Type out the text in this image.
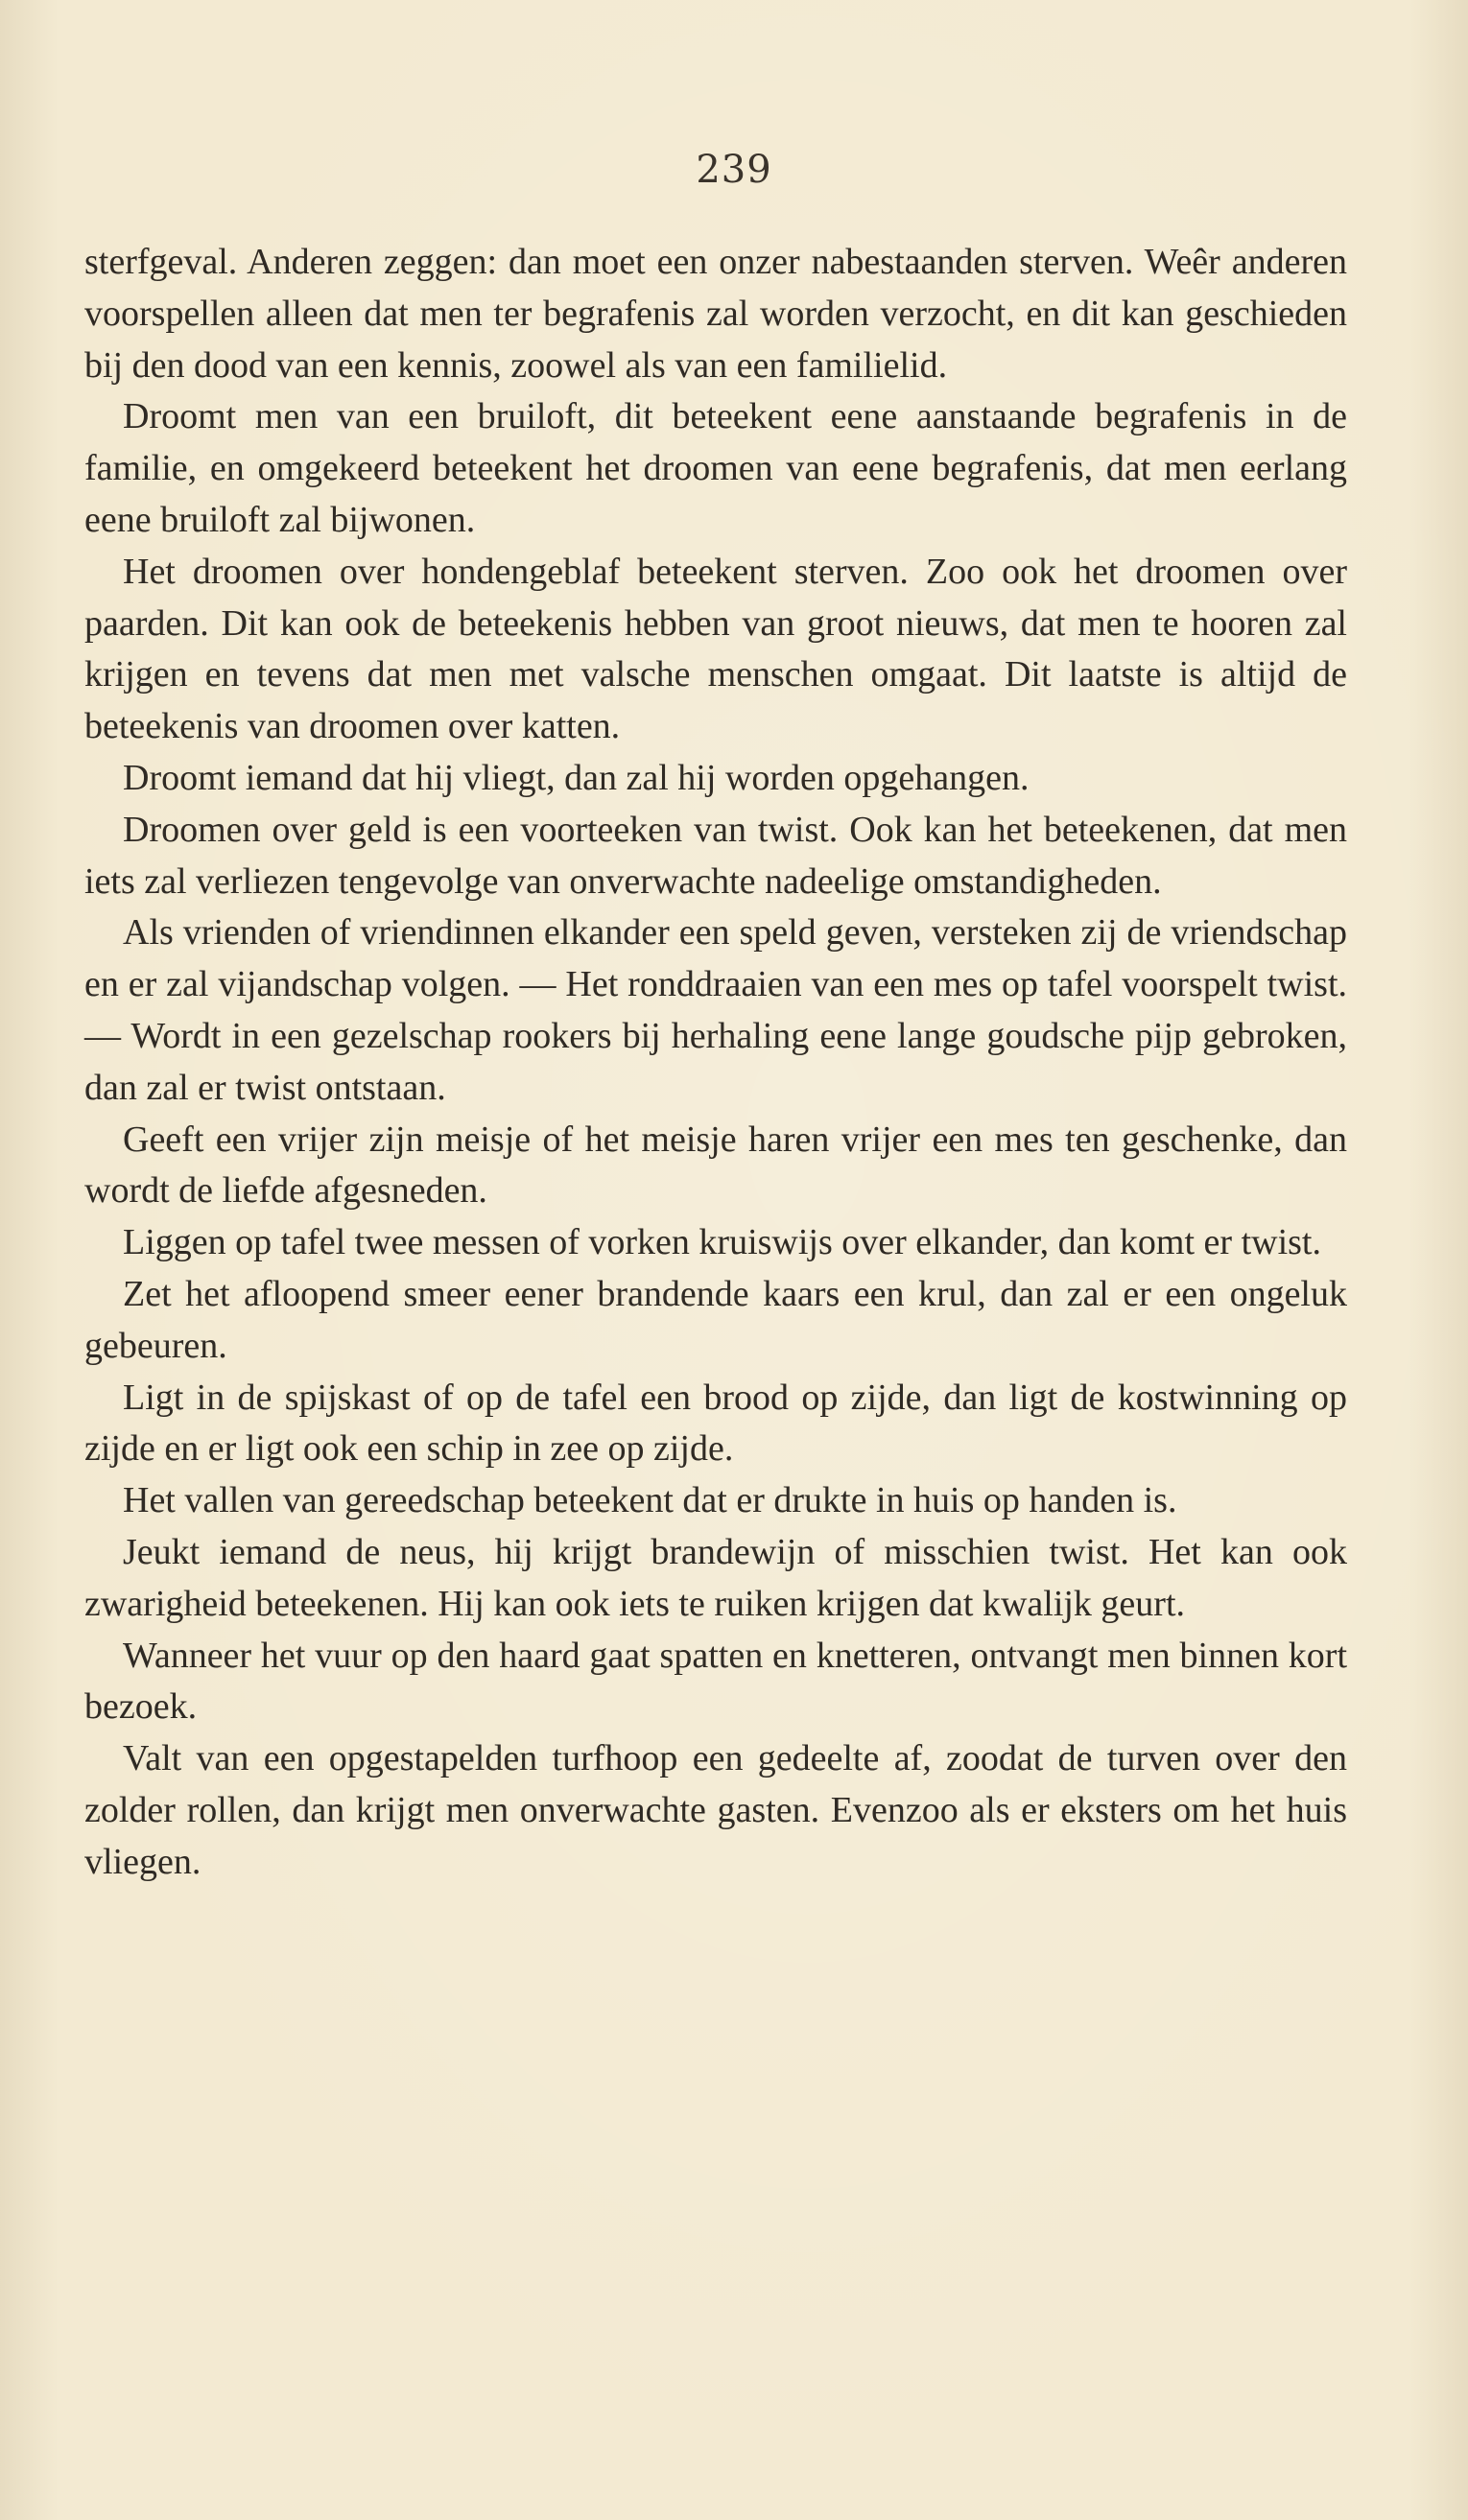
239

sterfgeval. Anderen zeggen: dan moet een onzer nabestaanden sterven. Weêr anderen voorspellen alleen dat men ter begrafenis zal worden verzocht, en dit kan geschieden bij den dood van een kennis, zoowel als van een familielid.

Droomt men van een bruiloft, dit beteekent eene aanstaande begrafenis in de familie, en omgekeerd beteekent het droomen van eene begrafenis, dat men eerlang eene bruiloft zal bijwonen.

Het droomen over hondengeblaf beteekent sterven. Zoo ook het droomen over paarden. Dit kan ook de beteekenis hebben van groot nieuws, dat men te hooren zal krijgen en tevens dat men met valsche menschen omgaat. Dit laatste is altijd de beteekenis van droomen over katten.

Droomt iemand dat hij vliegt, dan zal hij worden opgehangen.

Droomen over geld is een voorteeken van twist. Ook kan het beteekenen, dat men iets zal verliezen tengevolge van onverwachte nadeelige omstandigheden.

Als vrienden of vriendinnen elkander een speld geven, versteken zij de vriendschap en er zal vijandschap volgen. — Het ronddraaien van een mes op tafel voorspelt twist. — Wordt in een gezelschap rookers bij herhaling eene lange goudsche pijp gebroken, dan zal er twist ontstaan.

Geeft een vrijer zijn meisje of het meisje haren vrijer een mes ten geschenke, dan wordt de liefde afgesneden.

Liggen op tafel twee messen of vorken kruiswijs over elkander, dan komt er twist.

Zet het afloopend smeer eener brandende kaars een krul, dan zal er een ongeluk gebeuren.

Ligt in de spijskast of op de tafel een brood op zijde, dan ligt de kostwinning op zijde en er ligt ook een schip in zee op zijde.

Het vallen van gereedschap beteekent dat er drukte in huis op handen is.

Jeukt iemand de neus, hij krijgt brandewijn of misschien twist. Het kan ook zwarigheid beteekenen. Hij kan ook iets te ruiken krijgen dat kwalijk geurt.

Wanneer het vuur op den haard gaat spatten en knetteren, ontvangt men binnen kort bezoek.

Valt van een opgestapelden turfhoop een gedeelte af, zoodat de turven over den zolder rollen, dan krijgt men onverwachte gasten. Evenzoo als er eksters om het huis vliegen.
